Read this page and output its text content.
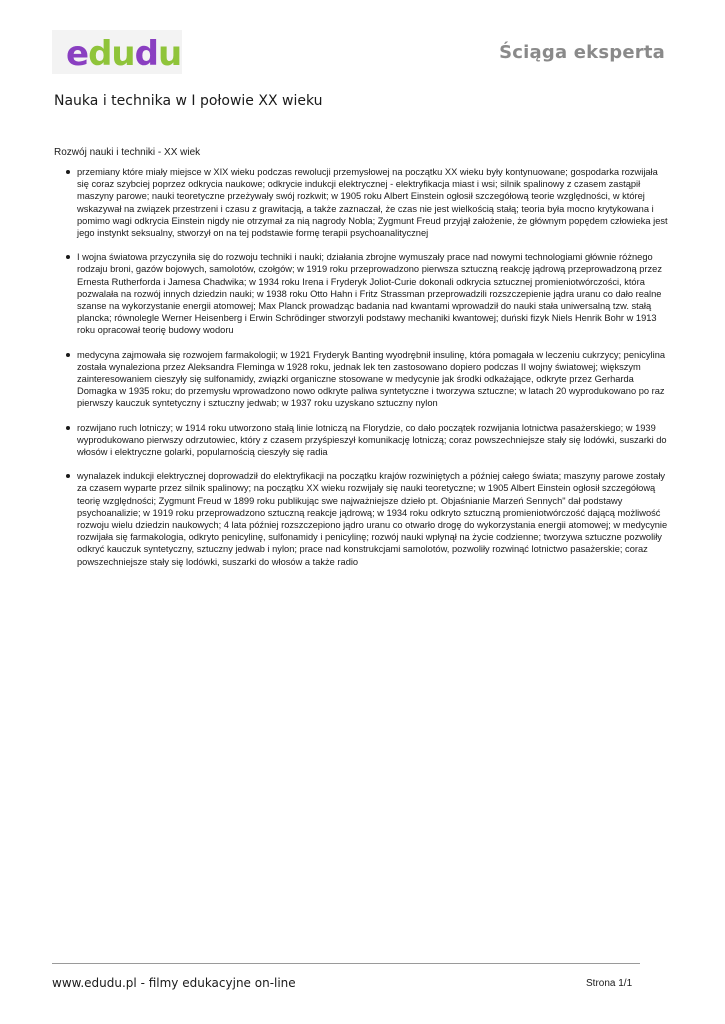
edudu	Ściąga eksperta
Nauka i technika w I połowie XX wieku

Rozwój nauki i techniki - XX wiek

przemiany które miały miejsce w XIX wieku podczas rewolucji przemysłowej na początku XX wieku były kontynuowane; gospodarka rozwijała się coraz szybciej poprzez odkrycia naukowe; odkrycie indukcji elektrycznej - elektryfikacja miast i wsi; silnik spalinowy z czasem zastąpił maszyny parowe; nauki teoretyczne przeżywały swój rozkwit; w 1905 roku Albert Einstein ogłosił szczegółową teorie względności, w której wskazywał na związek przestrzeni i czasu z grawitacją, a także zaznaczał, że czas nie jest wielkością stałą; teoria była mocno krytykowana i pomimo wagi odkrycia Einstein nigdy nie otrzymał za nią nagrody Nobla; Zygmunt Freud przyjął założenie, że głównym popędem człowieka jest jego instynkt seksualny, stworzył on na tej podstawie formę terapii psychoanalitycznej
I wojna światowa przyczyniła się do rozwoju techniki i nauki; działania zbrojne wymuszały prace nad nowymi technologiami głównie różnego rodzaju broni, gazów bojowych, samolotów, czołgów; w 1919 roku przeprowadzono pierwsza sztuczną reakcję jądrową przeprowadzoną przez Ernesta Rutherforda i Jamesa Chadwika; w 1934 roku Irena i Fryderyk Joliot-Curie dokonali odkrycia sztucznej promieniotwórczości, która pozwalała na rozwój innych dziedzin nauki; w 1938 roku Otto Hahn i Fritz Strassman przeprowadzili rozszczepienie jądra uranu co dało realne szanse na wykorzystanie energii atomowej; Max Planck prowadząc badania nad kwantami wprowadził do nauki stała uniwersalną tzw. stałą plancka; równolegle Werner Heisenberg i Erwin Schrödinger stworzyli podstawy mechaniki kwantowej; duński fizyk Niels Henrik Bohr w 1913 roku opracował teorię budowy wodoru
medycyna zajmowała się rozwojem farmakologii; w 1921 Fryderyk Banting wyodrębnił insulinę, która pomagała w leczeniu cukrzycy; penicylina została wynaleziona przez Aleksandra Fleminga w 1928 roku, jednak lek ten zastosowano dopiero podczas II wojny światowej; większym zainteresowaniem cieszyły się sulfonamidy, związki organiczne stosowane w medycynie jak środki odkażające, odkryte przez Gerharda Domagka w 1935 roku; do przemysłu wprowadzono nowo odkryte paliwa syntetyczne i tworzywa sztuczne; w latach 20 wyprodukowano po raz pierwszy kauczuk syntetyczny i sztuczny jedwab; w 1937 roku uzyskano sztuczny nylon
rozwijano ruch lotniczy; w 1914 roku utworzono stałą linie lotniczą na Florydzie, co dało początek rozwijania lotnictwa pasażerskiego; w 1939 wyprodukowano pierwszy odrzutowiec, który z czasem przyśpieszył komunikację lotniczą; coraz powszechniejsze stały się lodówki, suszarki do włosów i elektryczne golarki, popularnością cieszyły się radia
wynalazek indukcji elektrycznej doprowadził do elektryfikacji na początku krajów rozwiniętych a później całego świata; maszyny parowe zostały za czasem wyparte przez silnik spalinowy; na początku XX wieku rozwijały się nauki teoretyczne; w 1905 Albert Einstein ogłosił szczegółową teorię względności; Zygmunt Freud w 1899 roku publikując swe najważniejsze dzieło pt. Objaśnianie Marzeń Sennych" dał podstawy psychoanalizie; w 1919 roku przeprowadzono sztuczną reakcje jądrową; w 1934 roku odkryto sztuczną promieniotwórczość dającą możliwość rozwoju wielu dziedzin naukowych; 4 lata później rozszczepiono jądro uranu co otwarło drogę do wykorzystania energii atomowej; w medycynie rozwijała się farmakologia, odkryto penicylinę, sulfonamidy i penicylinę; rozwój nauki wpłynął na życie codzienne; tworzywa sztuczne pozwoliły odkryć kauczuk syntetyczny, sztuczny jedwab i nylon; prace nad konstrukcjami samolotów, pozwoliły rozwinąć lotnictwo pasażerskie; coraz powszechniejsze stały się lodówki, suszarki do włosów a także radio
www.edudu.pl - filmy edukacyjne on-line	Strona 1/1
